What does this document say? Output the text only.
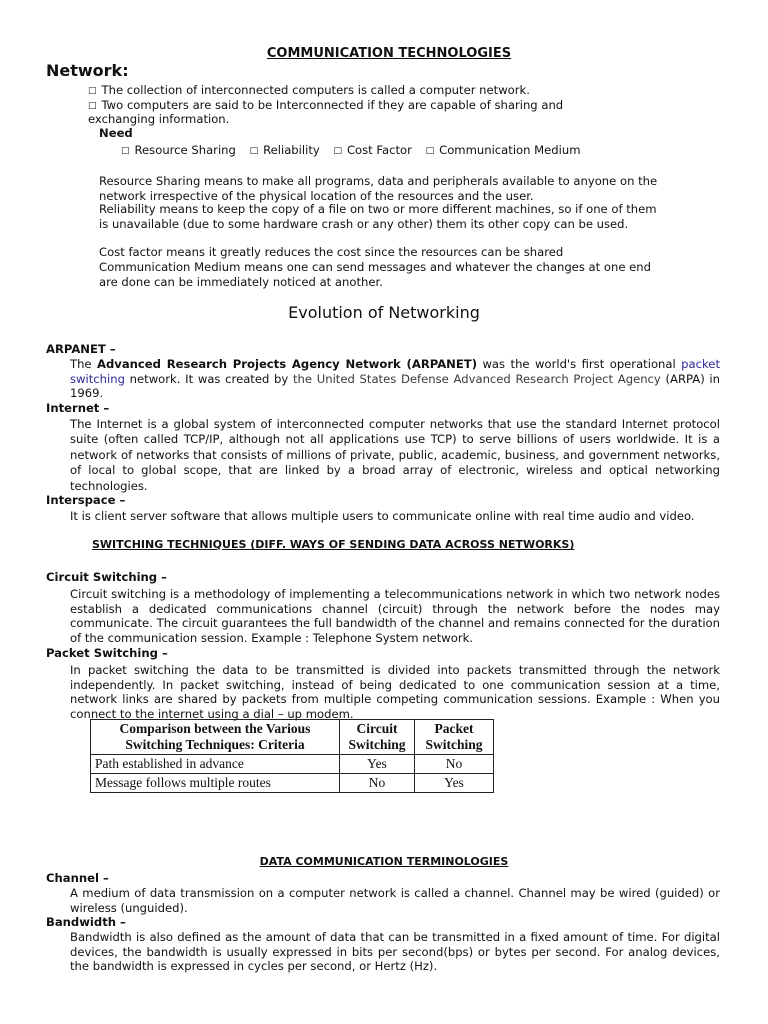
COMMUNICATION TECHNOLOGIES
Network:
□ The collection of interconnected computers is called a computer network.
□ Two computers are said to be Interconnected if they are capable of sharing and
exchanging information.
Need
□ Resource Sharing □ Reliability □ Cost Factor □ Communication Medium
Resource Sharing means to make all programs, data and peripherals available to anyone on the network irrespective of the physical location of the resources and the user.
Reliability means to keep the copy of a file on two or more different machines, so if one of them is unavailable (due to some hardware crash or any other) them its other copy can be used.
Cost factor means it greatly reduces the cost since the resources can be shared
Communication Medium means one can send messages and whatever the changes at one end are done can be immediately noticed at another.
Evolution of Networking
ARPANET –
The Advanced Research Projects Agency Network (ARPANET) was the world's first operational packet switching network. It was created by the United States Defense Advanced Research Project Agency (ARPA) in 1969.
Internet –
The Internet is a global system of interconnected computer networks that use the standard Internet protocol suite (often called TCP/IP, although not all applications use TCP) to serve billions of users worldwide. It is a network of networks that consists of millions of private, public, academic, business, and government networks, of local to global scope, that are linked by a broad array of electronic, wireless and optical networking technologies.
Interspace –
It is client server software that allows multiple users to communicate online with real time audio and video.
SWITCHING TECHNIQUES (DIFF. WAYS OF SENDING DATA ACROSS NETWORKS)
Circuit Switching –
Circuit switching is a methodology of implementing a telecommunications network in which two network nodes establish a dedicated communications channel (circuit) through the network before the nodes may communicate. The circuit guarantees the full bandwidth of the channel and remains connected for the duration of the communication session. Example : Telephone System network.
Packet Switching –
In packet switching the data to be transmitted is divided into packets transmitted through the network independently. In packet switching, instead of being dedicated to one communication session at a time, network links are shared by packets from multiple competing communication sessions. Example : When you connect to the internet using a dial – up modem.
Comparison between the Various Switching Techniques: Criteria	Circuit Switching	Packet Switching
Path established in advance	Yes	No
Message follows multiple routes	No	Yes
DATA COMMUNICATION TERMINOLOGIES
Channel –
A medium of data transmission on a computer network is called a channel. Channel may be wired (guided) or wireless (unguided).
Bandwidth –
Bandwidth is also defined as the amount of data that can be transmitted in a fixed amount of time. For digital devices, the bandwidth is usually expressed in bits per second(bps) or bytes per second. For analog devices, the bandwidth is expressed in cycles per second, or Hertz (Hz).
